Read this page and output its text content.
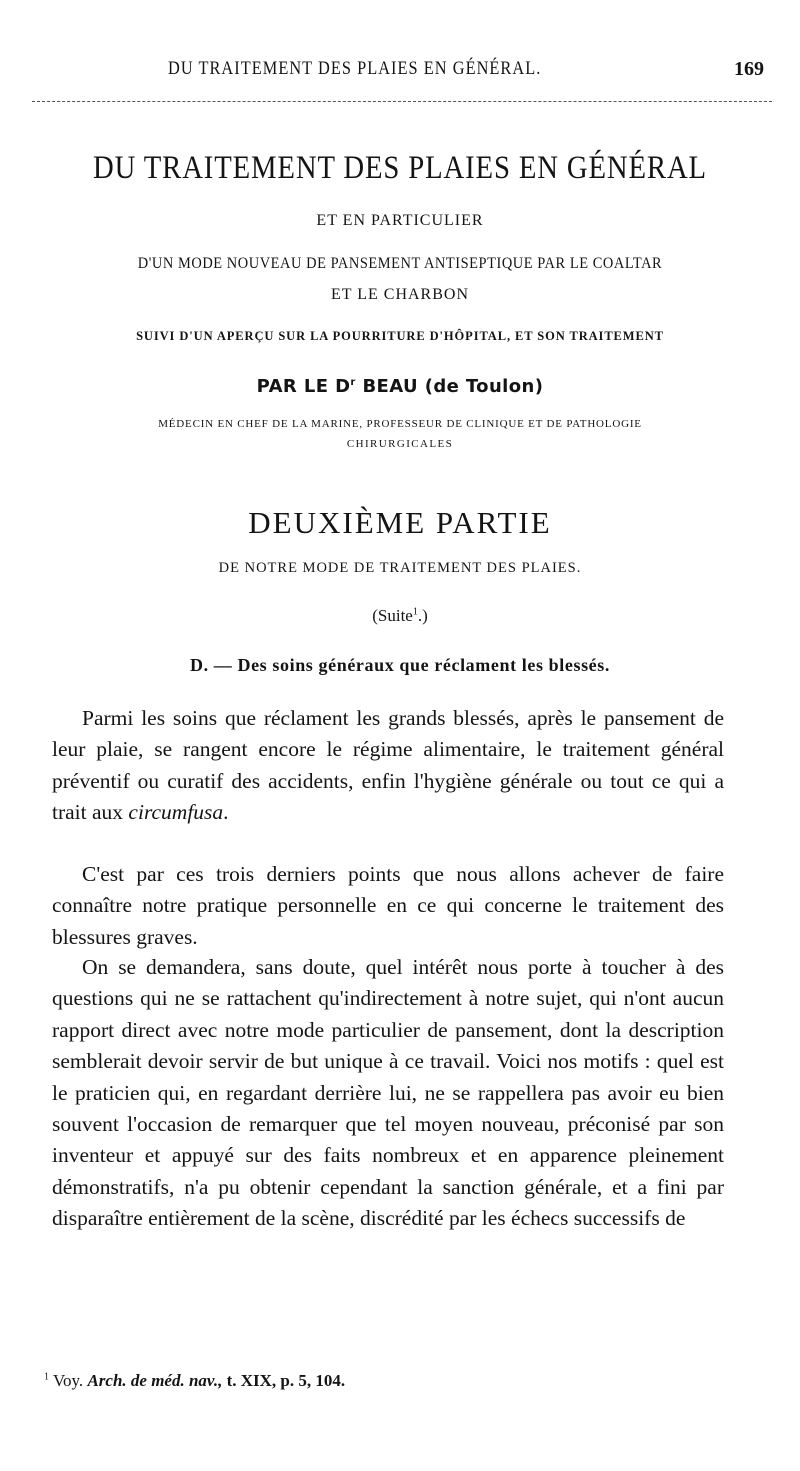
DU TRAITEMENT DES PLAIES EN GÉNÉRAL.	169
DU TRAITEMENT DES PLAIES EN GÉNÉRAL
ET EN PARTICULIER
D'UN MODE NOUVEAU DE PANSEMENT ANTISEPTIQUE PAR LE COALTAR
ET LE CHARBON
SUIVI D'UN APERÇU SUR LA POURRITURE D'HÔPITAL, ET SON TRAITEMENT
PAR LE $D^r$ BEAU (de Toulon)
MÉDECIN EN CHEF DE LA MARINE, PROFESSEUR DE CLINIQUE ET DE PATHOLOGIE
CHIRURGICALES
DEUXIÈME PARTIE
DE NOTRE MODE DE TRAITEMENT DES PLAIES.
(Suite$^1$.)
D. — Des soins généraux que réclament les blessés.

Parmi les soins que réclament les grands blessés, après le pansement de leur plaie, se rangent encore le régime alimentaire, le traitement général préventif ou curatif des accidents, enfin l'hygiène générale ou tout ce qui a trait aux circumfusa.

C'est par ces trois derniers points que nous allons achever de faire connaître notre pratique personnelle en ce qui concerne le traitement des blessures graves.

On se demandera, sans doute, quel intérêt nous porte à toucher à des questions qui ne se rattachent qu'indirectement à notre sujet, qui n'ont aucun rapport direct avec notre mode particulier de pansement, dont la description semblerait devoir servir de but unique à ce travail. Voici nos motifs : quel est le praticien qui, en regardant derrière lui, ne se rappellera pas avoir eu bien souvent l'occasion de remarquer que tel moyen nouveau, préconisé par son inventeur et appuyé sur des faits nombreux et en apparence pleinement démonstratifs, n'a pu obtenir cependant la sanction générale, et a fini par disparaître entièrement de la scène, discrédité par les échecs successifs de

$^1$ Voy. Arch. de méd. nav., t. XIX, p. 5, 104.
